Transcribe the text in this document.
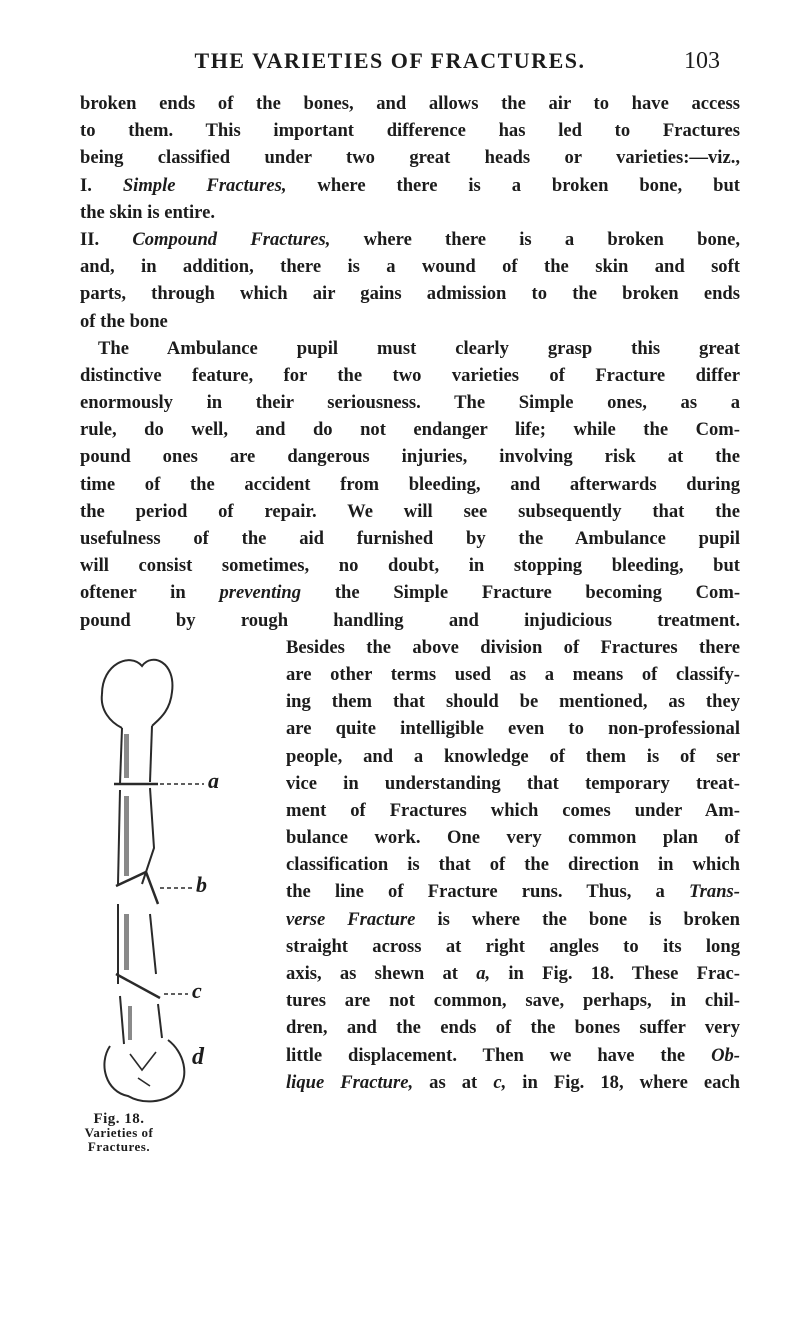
THE VARIETIES OF FRACTURES.	103
broken ends of the bones, and allows the air to have access
to them. This important difference has led to Fractures
being classified under two great heads or varieties:—viz.,
I. Simple Fractures, where there is a broken bone, but
the skin is entire.
II. Compound Fractures, where there is a broken bone,
and, in addition, there is a wound of the skin and soft
parts, through which air gains admission to the broken ends
of the bone
The Ambulance pupil must clearly grasp this great
distinctive feature, for the two varieties of Fracture differ
enormously in their seriousness. The Simple ones, as a
rule, do well, and do not endanger life; while the Com-
pound ones are dangerous injuries, involving risk at the
time of the accident from bleeding, and afterwards during
the period of repair. We will see subsequently that the
usefulness of the aid furnished by the Ambulance pupil
will consist sometimes, no doubt, in stopping bleeding, but
oftener in preventing the Simple Fracture becoming Com-
pound by rough handling and injudicious treatment.
a
b
c
d
Fig. 18.
Varieties of
Fractures.
Besides the above division of Fractures there
are other terms used as a means of classify-
ing them that should be mentioned, as they
are quite intelligible even to non-professional
people, and a knowledge of them is of ser
vice in understanding that temporary treat-
ment of Fractures which comes under Am-
bulance work. One very common plan of
classification is that of the direction in which
the line of Fracture runs. Thus, a Trans-
verse Fracture is where the bone is broken
straight across at right angles to its long
axis, as shewn at a, in Fig. 18. These Frac-
tures are not common, save, perhaps, in chil-
dren, and the ends of the bones suffer very
little displacement. Then we have the Ob-
lique Fracture, as at c, in Fig. 18, where each
